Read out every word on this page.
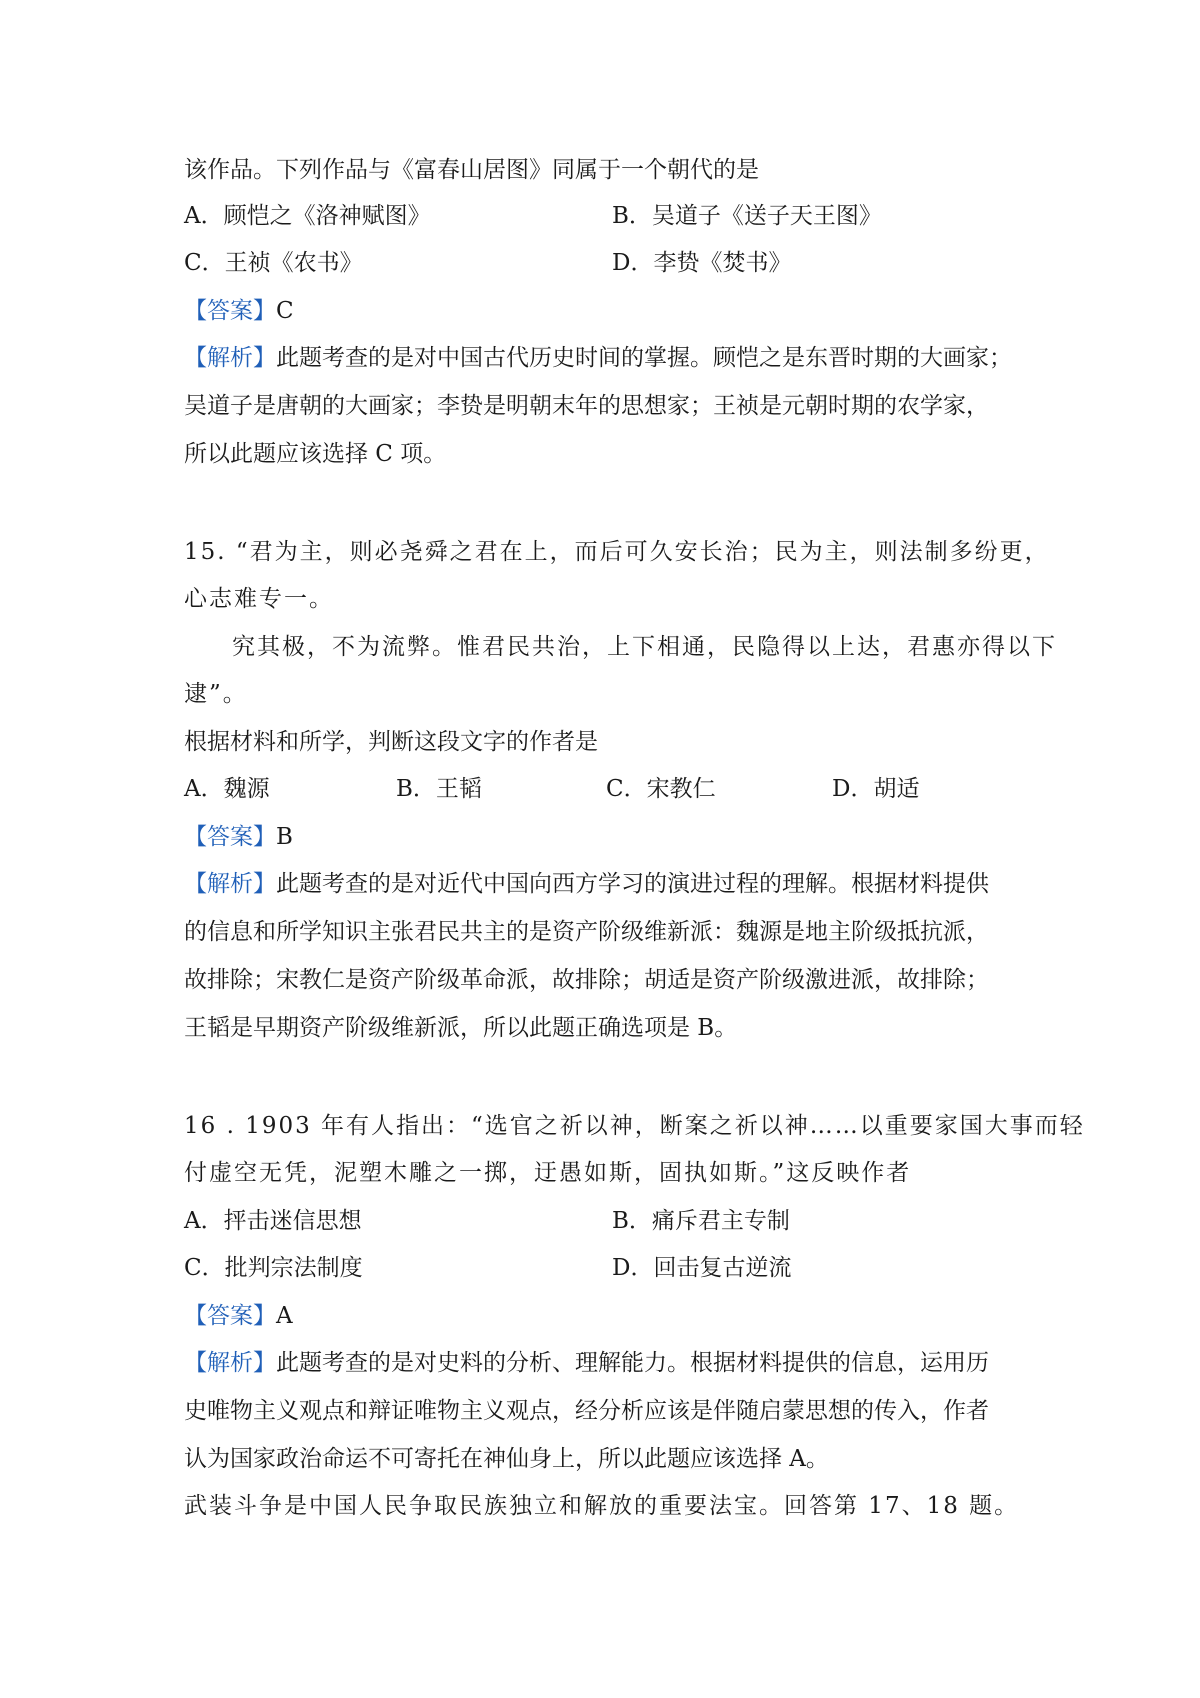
该作品。下列作品与《富春山居图》同属于一个朝代的是
A．顾恺之《洛神赋图》	B．吴道子《送子天王图》
C．王祯《农书》	D．李贽《焚书》
【答案】C
【解析】此题考查的是对中国古代历史时间的掌握。顾恺之是东晋时期的大画家；
吴道子是唐朝的大画家；李贽是明朝末年的思想家；王祯是元朝时期的农学家，
所以此题应该选择 C 项。
15. “君为主，则必尧舜之君在上，而后可久安长治；民为主，则法制多纷更，
心志难专一。
究其极，不为流弊。惟君民共治，上下相通，民隐得以上达，君惠亦得以下
逮”。
根据材料和所学，判断这段文字的作者是
A．魏源	B．王韬	C．宋教仁	D．胡适
【答案】B
【解析】此题考查的是对近代中国向西方学习的演进过程的理解。根据材料提供
的信息和所学知识主张君民共主的是资产阶级维新派：魏源是地主阶级抵抗派，
故排除；宋教仁是资产阶级革命派，故排除；胡适是资产阶级激进派，故排除；
王韬是早期资产阶级维新派，所以此题正确选项是 B。
16 . 1903 年有人指出：“选官之祈以神，断案之祈以神……以重要家国大事而轻
付虚空无凭，泥塑木雕之一掷，迂愚如斯，固执如斯。”这反映作者
A．抨击迷信思想	B．痛斥君主专制
C．批判宗法制度	D．回击复古逆流
【答案】A
【解析】此题考查的是对史料的分析、理解能力。根据材料提供的信息，运用历
史唯物主义观点和辩证唯物主义观点，经分析应该是伴随启蒙思想的传入，作者
认为国家政治命运不可寄托在神仙身上，所以此题应该选择 A。
武装斗争是中国人民争取民族独立和解放的重要法宝。回答第 17、18 题。
